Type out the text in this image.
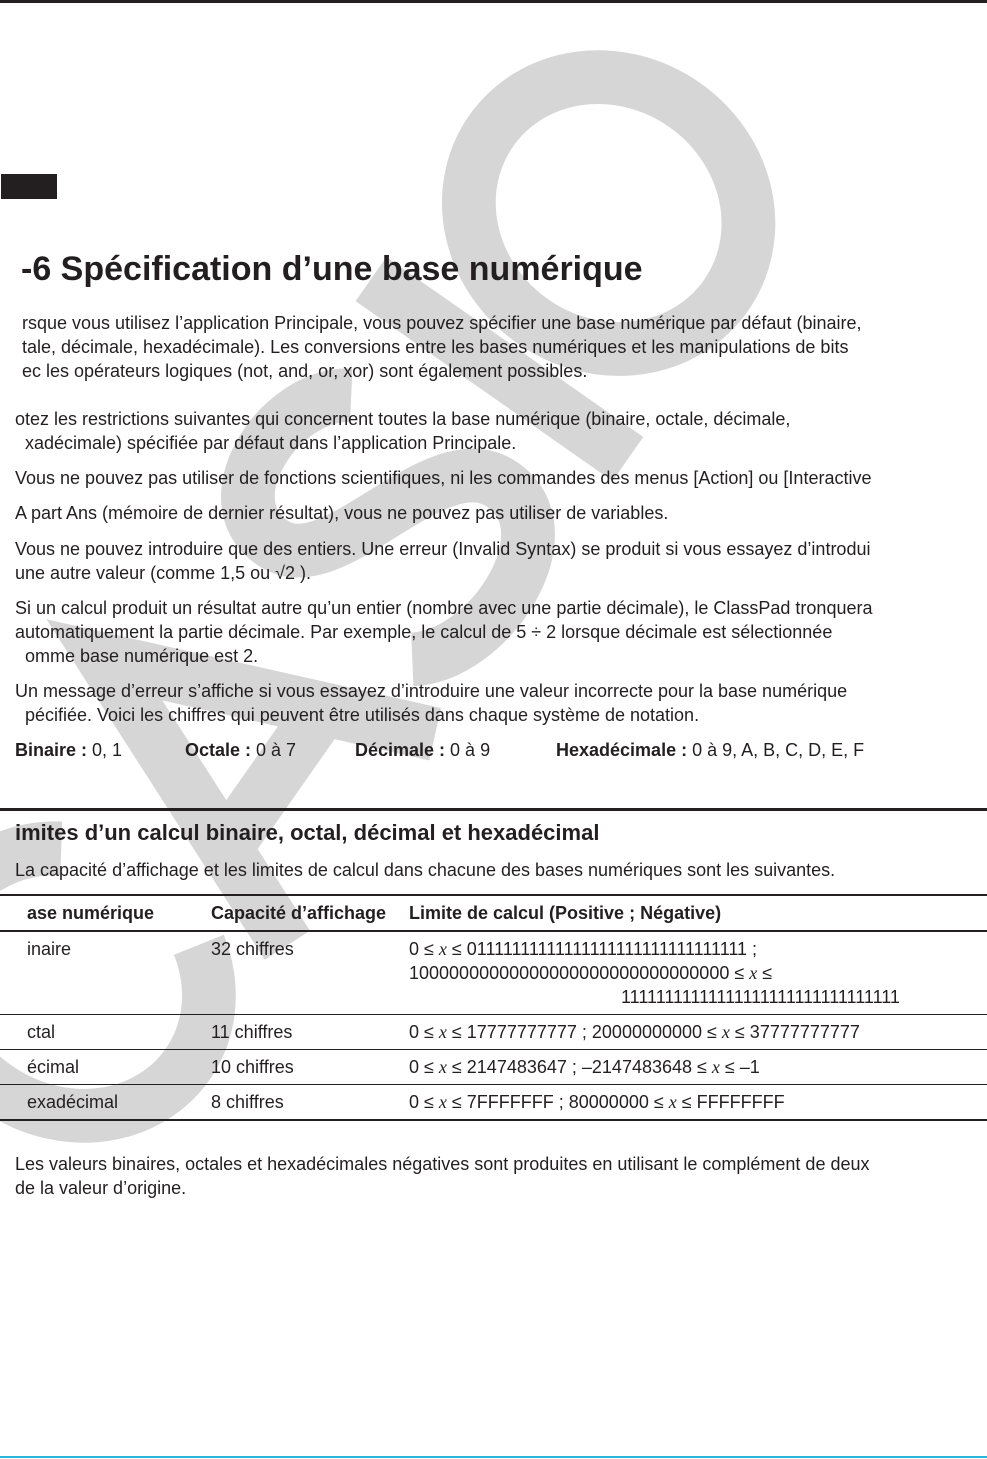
-6 Spécification d’une base numérique
rsque vous utilisez l’application Principale, vous pouvez spécifier une base numérique par défaut (binaire,
tale, décimale, hexadécimale). Les conversions entre les bases numériques et les manipulations de bits
ec les opérateurs logiques (not, and, or, xor) sont également possibles.
otez les restrictions suivantes qui concernent toutes la base numérique (binaire, octale, décimale,
xadécimale) spécifiée par défaut dans l’application Principale.
Vous ne pouvez pas utiliser de fonctions scientifiques, ni les commandes des menus [Action] ou [Interactive
A part Ans (mémoire de dernier résultat), vous ne pouvez pas utiliser de variables.
Vous ne pouvez introduire que des entiers. Une erreur (Invalid Syntax) se produit si vous essayez d’introdui
une autre valeur (comme 1,5 ou √2 ).
Si un calcul produit un résultat autre qu’un entier (nombre avec une partie décimale), le ClassPad tronquera
automatiquement la partie décimale. Par exemple, le calcul de 5 ÷ 2 lorsque décimale est sélectionnée
omme base numérique est 2.
Un message d’erreur s’affiche si vous essayez d’introduire une valeur incorrecte pour la base numérique
pécifiée. Voici les chiffres qui peuvent être utilisés dans chaque système de notation.
Binaire : 0, 1	Octale : 0 à 7	Décimale : 0 à 9	Hexadécimale : 0 à 9, A, B, C, D, E, F
imites d’un calcul binaire, octal, décimal et hexadécimal
La capacité d’affichage et les limites de calcul dans chacune des bases numériques sont les suivantes.
ase numérique	Capacité d’affichage	Limite de calcul (Positive ; Négative)
inaire	32 chiffres	0 ≤ x ≤ 01111111111111111111111111111111 ;
10000000000000000000000000000000 ≤ x ≤
11111111111111111111111111111111

ctal	11 chiffres	0 ≤ x ≤ 17777777777 ; 20000000000 ≤ x ≤ 37777777777
écimal	10 chiffres	0 ≤ x ≤ 2147483647 ; –2147483648 ≤ x ≤ –1
exadécimal	8 chiffres	0 ≤ x ≤ 7FFFFFFF ; 80000000 ≤ x ≤ FFFFFFFF
Les valeurs binaires, octales et hexadécimales négatives sont produites en utilisant le complément de deux
de la valeur d’origine.
